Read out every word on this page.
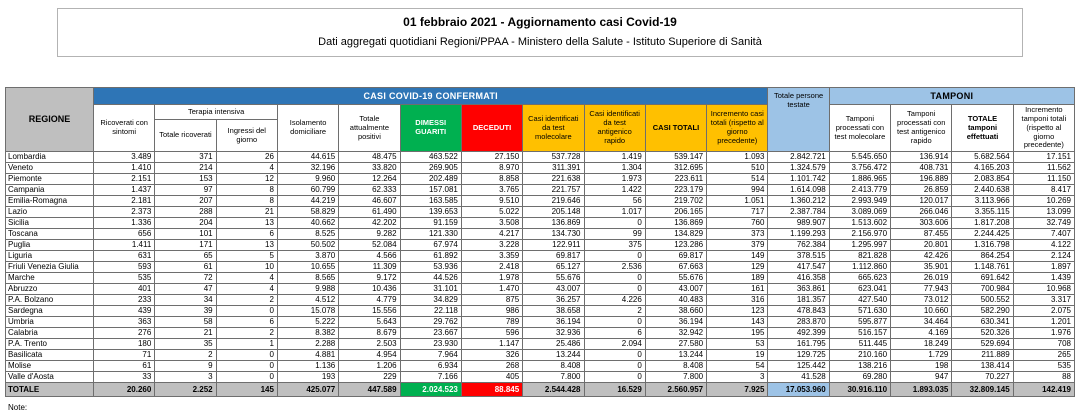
01 febbraio 2021 - Aggiornamento casi Covid-19
Dati aggregati quotidiani Regioni/PPAA - Ministero della Salute - Istituto Superiore di Sanità
REGIONE	CASI COVID-19 CONFERMATI											Totale persone testate	TAMPONI			
	Ricoverati con sintomi	Terapia intensiva		Isolamento domiciliare	Totale attualmente positivi	DIMESSI GUARITI	DECEDUTI	Casi identificati da test molecolare	Casi identificati da test antigenico rapido	CASI TOTALI	Incremento casi totali (rispetto al giorno precedente)		Tamponi processati con test molecolare	Tamponi processati con test antigenico rapido	TOTALE tamponi effettuati	Incremento tamponi totali (rispetto al giorno precedente)
		Totale ricoverati	Ingressi del giorno													
Lombardia	3.489	371	26	44.615	48.475	463.522	27.150	537.728	1.419	539.147	1.093	2.842.721	5.545.650	136.914	5.682.564	17.151
Veneto	1.410	214	4	32.196	33.820	269.905	8.970	311.391	1.304	312.695	510	1.324.579	3.756.472	408.731	4.165.203	11.562
Piemonte	2.151	153	12	9.960	12.264	202.489	8.858	221.638	1.973	223.611	514	1.101.742	1.886.965	196.889	2.083.854	11.150
Campania	1.437	97	8	60.799	62.333	157.081	3.765	221.757	1.422	223.179	994	1.614.098	2.413.779	26.859	2.440.638	8.417
Emilia-Romagna	2.181	207	8	44.219	46.607	163.585	9.510	219.646	56	219.702	1.051	1.360.212	2.993.949	120.017	3.113.966	10.269
Lazio	2.373	288	21	58.829	61.490	139.653	5.022	205.148	1.017	206.165	717	2.387.784	3.089.069	266.046	3.355.115	13.099
Sicilia	1.336	204	13	40.662	42.202	91.159	3.508	136.869	0	136.869	760	989.907	1.513.602	303.606	1.817.208	32.749
Toscana	656	101	6	8.525	9.282	121.330	4.217	134.730	99	134.829	373	1.199.293	2.156.970	87.455	2.244.425	7.407
Puglia	1.411	171	13	50.502	52.084	67.974	3.228	122.911	375	123.286	379	762.384	1.295.997	20.801	1.316.798	4.122
Liguria	631	65	5	3.870	4.566	61.892	3.359	69.817	0	69.817	149	378.515	821.828	42.426	864.254	2.124
Friuli Venezia Giulia	593	61	10	10.655	11.309	53.936	2.418	65.127	2.536	67.663	129	417.547	1.112.860	35.901	1.148.761	1.897
Marche	535	72	4	8.565	9.172	44.526	1.978	55.676	0	55.676	189	416.358	665.623	26.019	691.642	1.439
Abruzzo	401	47	4	9.988	10.436	31.101	1.470	43.007	0	43.007	161	363.861	623.041	77.943	700.984	10.968
P.A. Bolzano	233	34	2	4.512	4.779	34.829	875	36.257	4.226	40.483	316	181.357	427.540	73.012	500.552	3.317
Sardegna	439	39	0	15.078	15.556	22.118	986	38.658	2	38.660	123	478.843	571.630	10.660	582.290	2.075
Umbria	363	58	6	5.222	5.643	29.762	789	36.194	0	36.194	143	283.870	595.877	34.464	630.341	1.201
Calabria	276	21	2	8.382	8.679	23.667	596	32.936	6	32.942	195	492.399	516.157	4.169	520.326	1.976
P.A. Trento	180	35	1	2.288	2.503	23.930	1.147	25.486	2.094	27.580	53	161.795	511.445	18.249	529.694	708
Basilicata	71	2	0	4.881	4.954	7.964	326	13.244	0	13.244	19	129.725	210.160	1.729	211.889	265
Molise	61	9	0	1.136	1.206	6.934	268	8.408	0	8.408	54	125.442	138.216	198	138.414	535
Valle d'Aosta	33	3	0	193	229	7.166	405	7.800	0	7.800	3	41.528	69.280	947	70.227	88
TOTALE	20.260	2.252	145	425.077	447.589	2.024.523	88.845	2.544.428	16.529	2.560.957	7.925	17.053.960	30.916.110	1.893.035	32.809.145	142.419
Note:
